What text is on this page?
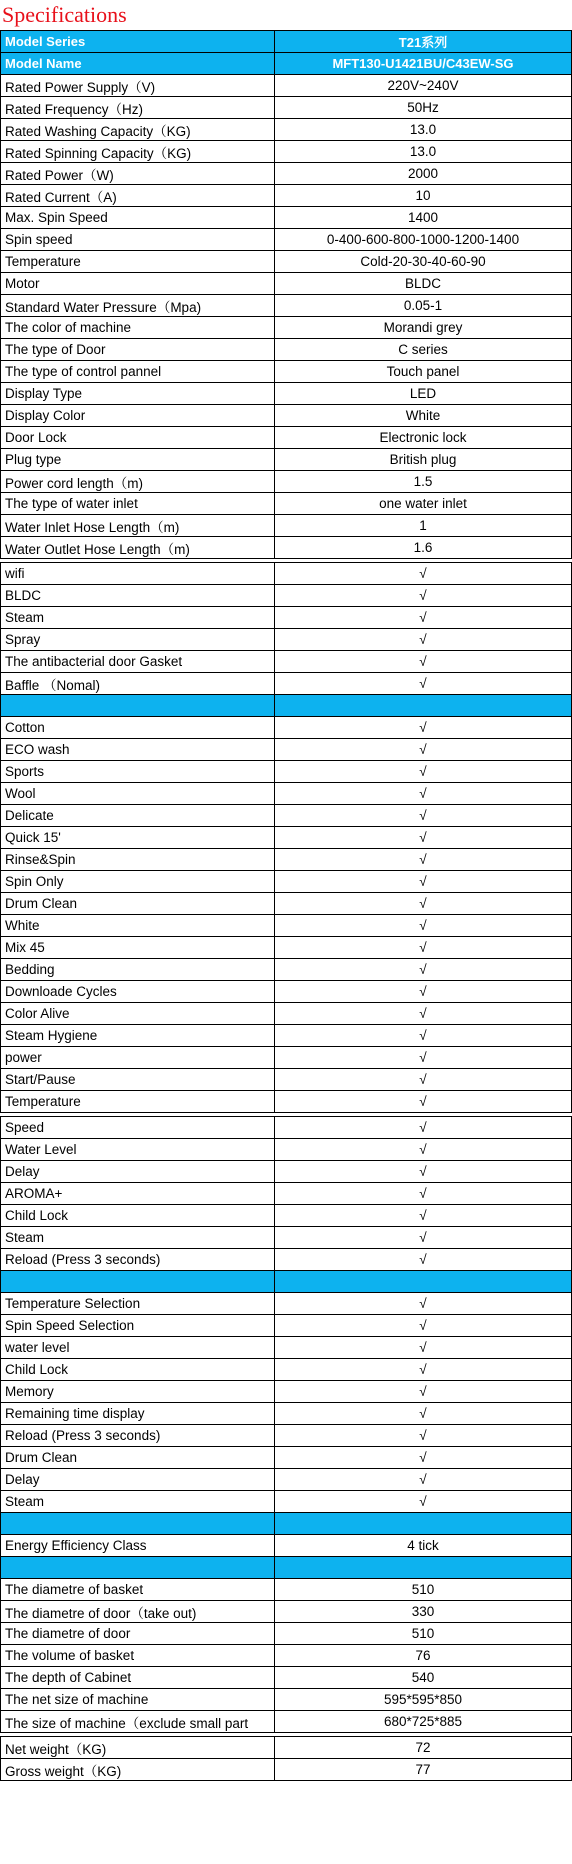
Specifications
Model Series	T21系列
Model Name	MFT130-U1421BU/C43EW-SG
Rated Power Supply（V)	220V~240V
Rated Frequency（Hz)	50Hz
Rated Washing Capacity（KG)	13.0
Rated Spinning Capacity（KG)	13.0
Rated Power（W)	2000
Rated Current（A)	10
Max. Spin Speed	1400
Spin speed	0-400-600-800-1000-1200-1400
Temperature	Cold-20-30-40-60-90
Motor	BLDC
Standard Water Pressure（Mpa)	0.05-1
The color of machine	Morandi grey
The type of Door	C series
The type of control pannel	Touch panel
Display Type	LED
Display Color	White
Door Lock	Electronic lock
Plug type	British plug
Power cord length（m)	1.5
The type of water inlet	one water inlet
Water Inlet Hose Length（m)	1
Water Outlet Hose Length（m)	1.6

wifi	√
BLDC	√
Steam	√
Spray	√
The antibacterial door Gasket	√
Baffle （Nomal)	√

Cotton	√
ECO wash	√
Sports	√
Wool	√
Delicate	√
Quick 15'	√
Rinse&Spin	√
Spin Only	√
Drum Clean	√
White	√
Mix 45	√
Bedding	√
Downloade Cycles	√
Color Alive	√
Steam Hygiene	√
power	√
Start/Pause	√
Temperature	√

Speed	√
Water Level	√
Delay	√
AROMA+	√
Child Lock	√
Steam	√
Reload (Press 3 seconds)	√

Temperature Selection	√
Spin Speed Selection	√
water level	√
Child Lock	√
Memory	√
Remaining time display	√
Reload (Press 3 seconds)	√
Drum Clean	√
Delay	√
Steam	√

Energy Efficiency Class	4 tick

The diametre of basket	510
The diametre of door（take out)	330
The diametre of door	510
The volume of basket	76
The depth of Cabinet	540
The net size of machine	595*595*850
The size of machine（exclude small part	680*725*885

Net weight（KG)	72
Gross weight（KG)	77
